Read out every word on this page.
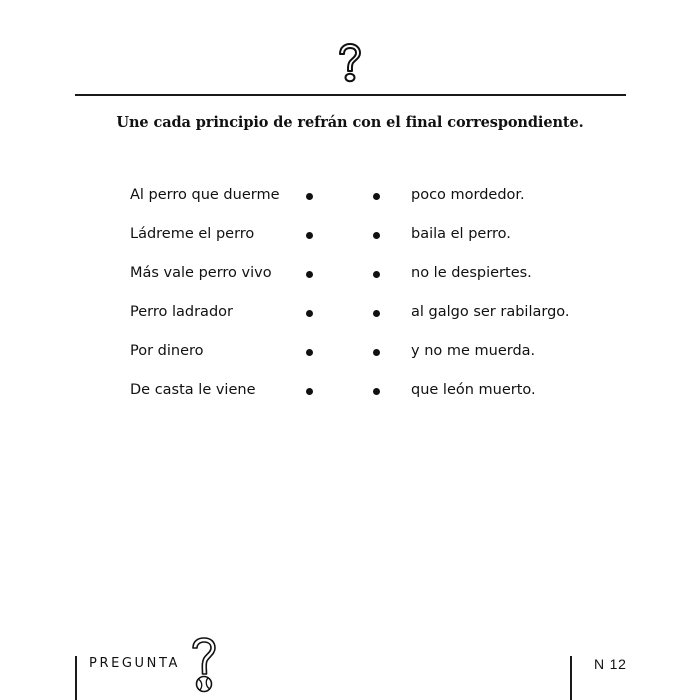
Une cada principio de refrán con el final correspondiente.
Al perro que duerme	poco mordedor.
Ládreme el perro	baila el perro.
Más vale perro vivo	no le despiertes.
Perro ladrador	al galgo ser rabilargo.
Por dinero	y no me muerda.
De casta le viene	que león muerto.
PREGUNTA	N 12
